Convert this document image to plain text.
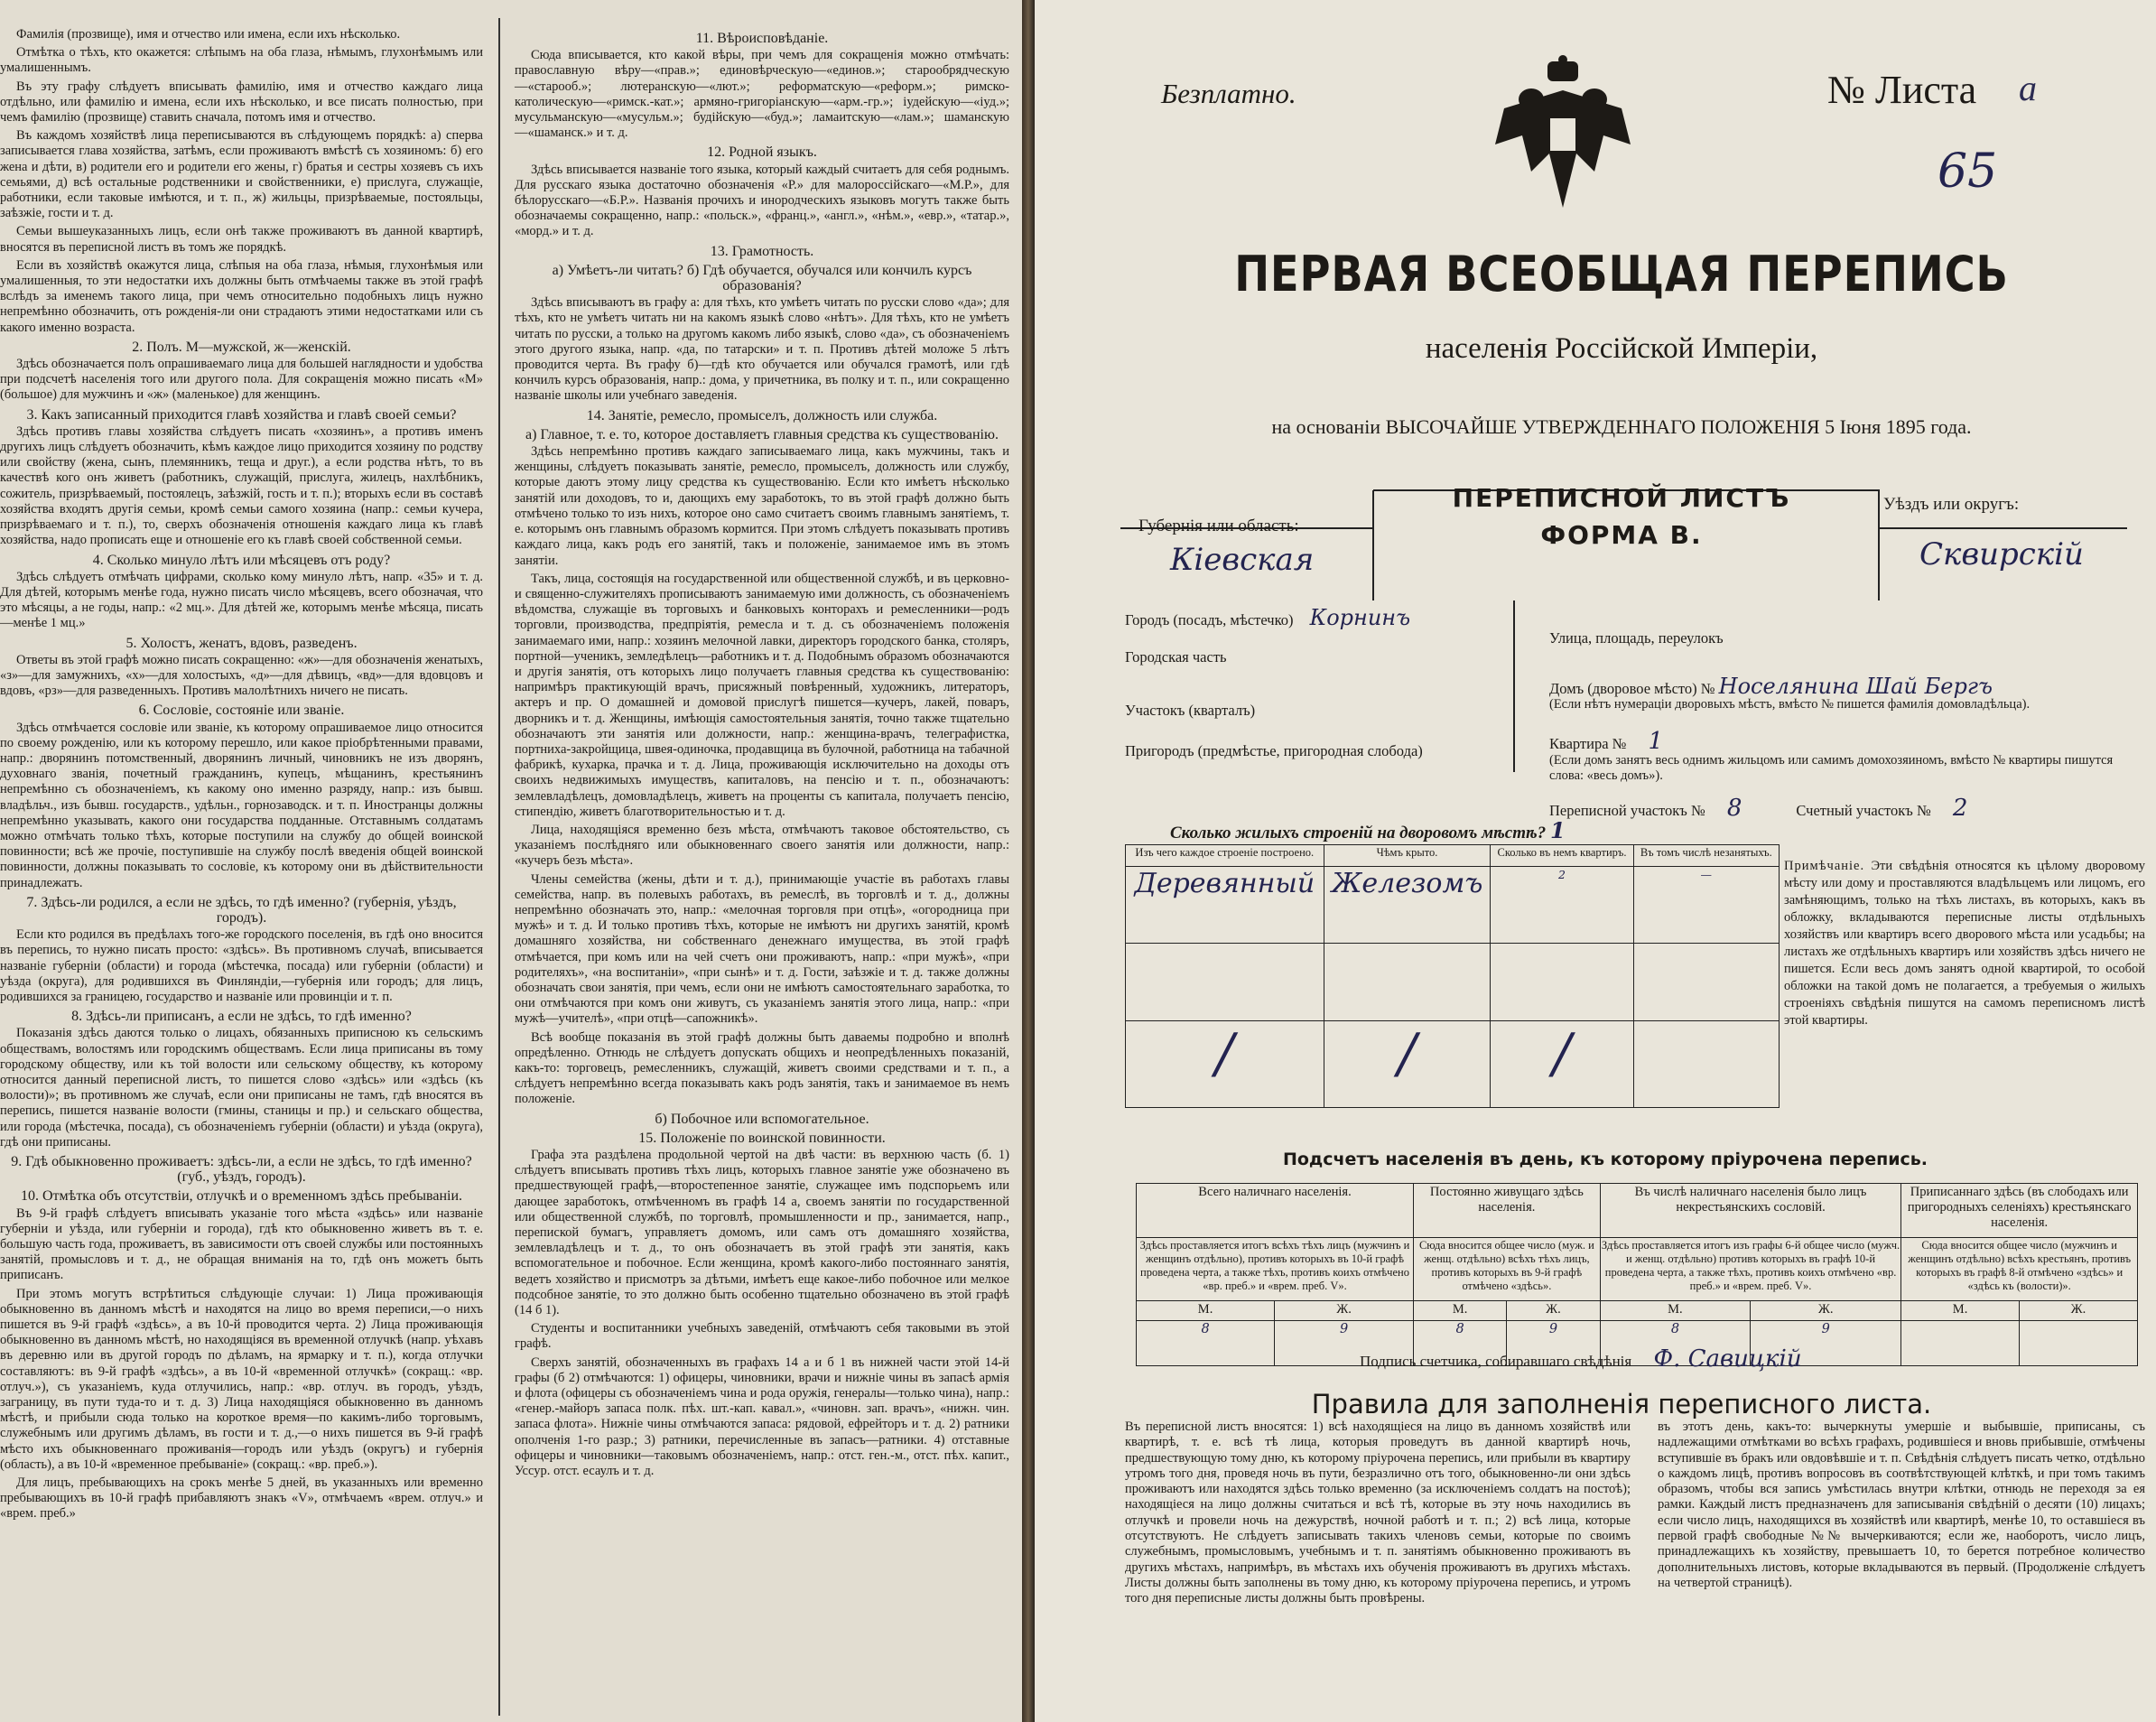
Фамилія (прозвище), имя и отчество или имена, если ихъ нѣсколько.
Отмѣтка о тѣхъ, кто окажется: слѣпымъ на оба глаза, нѣмымъ, глухонѣмымъ или умалишеннымъ.
Въ эту графу слѣдуетъ вписывать фамилію, имя и отчество каждаго лица отдѣльно, или фамилію и имена, если ихъ нѣсколько, и все писать полностью, при чемъ фамилію (прозвище) ставить сначала, потомъ имя и отчество.
Въ каждомъ хозяйствѣ лица переписываются въ слѣдующемъ порядкѣ: а) сперва записывается глава хозяйства, затѣмъ, если проживаютъ вмѣстѣ съ хозяиномъ: б) его жена и дѣти, в) родители его и родители его жены, г) братья и сестры хозяевъ съ ихъ семьями, д) всѣ остальные родственники и свойственники, е) прислуга, служащіе, работники, если таковые имѣются, и т. п., ж) жильцы, призрѣваемые, постояльцы, заѣзжіе, гости и т. д.
Семьи вышеуказанныхъ лицъ, если онѣ также проживаютъ въ данной квартирѣ, вносятся въ переписной листъ въ томъ же порядкѣ.
Если въ хозяйствѣ окажутся лица, слѣпыя на оба глаза, нѣмыя, глухонѣмыя или умалишенныя, то эти недостатки ихъ должны быть отмѣчаемы также въ этой графѣ вслѣдъ за именемъ такого лица, при чемъ относительно подобныхъ лицъ нужно непремѣнно обозначить, отъ рожденія-ли они страдаютъ этими недостатками или съ какого именно возраста.
2. Полъ. М—мужской, ж—женскій.
Здѣсь обозначается полъ опрашиваемаго лица для большей наглядности и удобства при подсчетѣ населенія того или другого пола. Для сокращенія можно писать «М» (большое) для мужчинъ и «ж» (маленькое) для женщинъ.
3. Какъ записанный приходится главѣ хозяйства и главѣ своей семьи?
Здѣсь противъ главы хозяйства слѣдуетъ писать «хозяинъ», а противъ именъ другихъ лицъ слѣдуетъ обозначить, кѣмъ каждое лицо приходится хозяину по родству или свойству (жена, сынъ, племянникъ, теща и друг.), а если родства нѣтъ, то въ качествѣ кого онъ живетъ (работникъ, служащій, прислуга, жилецъ, нахлѣбникъ, сожитель, призрѣваемый, постоялецъ, заѣзжій, гость и т. п.); вторыхъ если въ составѣ хозяйства входятъ другія семьи, кромѣ семьи самого хозяина (напр.: семьи кучера, призрѣваемаго и т. п.), то, сверхъ обозначенія отношенія каждаго лица къ главѣ хозяйства, надо прописать еще и отношеніе его къ главѣ своей собственной семьи.
4. Сколько минуло лѣтъ или мѣсяцевъ отъ роду?
Здѣсь слѣдуетъ отмѣчать цифрами, сколько кому минуло лѣтъ, напр. «35» и т. д. Для дѣтей, которымъ менѣе года, нужно писать число мѣсяцевъ, всего обозначая, что это мѣсяцы, а не годы, напр.: «2 мц.». Для дѣтей же, которымъ менѣе мѣсяца, писать—менѣе 1 мц.»
5. Холостъ, женатъ, вдовъ, разведенъ.
Ответы въ этой графѣ можно писать сокращенно: «ж»—для обозначенія женатыхъ, «з»—для замужнихъ, «х»—для холостыхъ, «д»—для дѣвицъ, «вд»—для вдовцовъ и вдовъ, «рз»—для разведенныхъ. Противъ малолѣтнихъ ничего не писать.
6. Сословіе, состояніе или званіе.
Здѣсь отмѣчается сословіе или званіе, къ которому опрашиваемое лицо относится по своему рожденію, или къ которому перешло, или какое пріобрѣтенными правами, напр.: дворянинъ потомственный, дворянинъ личный, чиновникъ не изъ дворянъ, духовнаго званія, почетный гражданинъ, купецъ, мѣщанинъ, крестьянинъ непремѣнно съ обозначеніемъ, къ какому оно именно разряду, напр.: изъ бывш. владѣльч., изъ бывш. государств., удѣльн., горнозаводск. и т. п. Иностранцы должны непремѣнно указывать, какого они государства подданные. Отставнымъ солдатамъ можно отмѣчать только тѣхъ, которые поступили на службу до общей воинской повинности; всѣ же прочіе, поступившіе на службу послѣ введенія общей воинской повинности, должны показывать то сословіе, къ которому они въ дѣйствительности принадлежатъ.
7. Здѣсь-ли родился, а если не здѣсь, то гдѣ именно? (губернія, уѣздъ, городъ).
Если кто родился въ предѣлахъ того-же городского поселенія, въ гдѣ оно вносится въ перепись, то нужно писать просто: «здѣсь». Въ противномъ случаѣ, вписывается названіе губерніи (области) и города (мѣстечка, посада) или губерніи (области) и уѣзда (округа), для родившихся въ Финляндіи,—губернія или городъ; для лицъ, родившихся за границею, государство и названіе или провинціи и т. п.
8. Здѣсь-ли приписанъ, а если не здѣсь, то гдѣ именно?
Показанія здѣсь даются только о лицахъ, обязанныхъ приписною къ сельскимъ обществамъ, волостямъ или городскимъ обществамъ. Если лица приписаны въ тому городскому обществу, или къ той волости или сельскому обществу, къ которому относится данный переписной листъ, то пишется слово «здѣсь» или «здѣсь (къ волости)»; въ противномъ же случаѣ, если они приписаны не тамъ, гдѣ вносятся въ перепись, пишется названіе волости (гмины, станицы и пр.) и сельскаго общества, или города (мѣстечка, посада), съ обозначеніемъ губерніи (области) и уѣзда (округа), гдѣ они приписаны.
9. Гдѣ обыкновенно проживаетъ: здѣсь-ли, а если не здѣсь, то гдѣ именно? (губ., уѣздъ, городъ).
10. Отмѣтка объ отсутствіи, отлучкѣ и о временномъ здѣсь пребываніи.
Въ 9-й графѣ слѣдуетъ вписывать указаніе того мѣста «здѣсь» или названіе губерніи и уѣзда, или губерніи и города), гдѣ кто обыкновенно живетъ въ т. е. большую часть года, проживаетъ, въ зависимости отъ своей службы или постоянныхъ занятій, промысловъ и т. д., не обращая вниманія на то, гдѣ онъ можетъ быть приписанъ.
При этомъ могутъ встрѣтиться слѣдующіе случаи: 1) Лица проживающія обыкновенно въ данномъ мѣстѣ и находятся на лицо во время переписи,—о нихъ пишется въ 9-й графѣ «здѣсь», а въ 10-й проводится черта. 2) Лица проживающія обыкновенно въ данномъ мѣстѣ, но находящіяся въ временной отлучкѣ (напр. уѣхавъ въ деревню или въ другой городъ по дѣламъ, на ярмарку и т. п.), когда отлучки составляютъ: въ 9-й графѣ «здѣсь», а въ 10-й «временной отлучкѣ» (сокращ.: «вр. отлуч.»), съ указаніемъ, куда отлучились, напр.: «вр. отлуч. въ городъ, уѣздъ, заграницу, въ пути туда-то и т. д. 3) Лица находящіяся обыкновенно въ данномъ мѣстѣ, и прибыли сюда только на короткое время—по какимъ-либо торговымъ, служебнымъ или другимъ дѣламъ, въ гости и т. д.,—о нихъ пишется въ 9-й графѣ мѣсто ихъ обыкновеннаго проживанія—городъ или уѣздъ (округъ) и губернія (область), а въ 10-й «временное пребываніе» (сокращ.: «вр. преб.»).
Для лицъ, пребывающихъ на срокъ менѣе 5 дней, въ указанныхъ или временно пребывающихъ въ 10-й графѣ прибавляютъ знакъ «V», отмѣчаемъ «врем. отлуч.» и «врем. преб.»
11. Вѣроисповѣданіе.
Сюда вписывается, кто какой вѣры, при чемъ для сокращенія можно отмѣчать: православную вѣру—«прав.»; единовѣрческую—«единов.»; старообрядческую—«старооб.»; лютеранскую—«лют.»; реформатскую—«реформ.»; римско-католическую—«римск.-кат.»; армяно-григоріанскую—«арм.-гр.»; іудейскую—«іуд.»; мусульманскую—«мусульм.»; будійскую—«буд.»; ламаитскую—«лам.»; шаманскую—«шаманск.» и т. д.
12. Родной языкъ.
Здѣсь вписывается названіе того языка, который каждый считаетъ для себя роднымъ. Для русскаго языка достаточно обозначенія «Р.» для малороссійскаго—«М.Р.», для бѣлорусскаго—«Б.Р.». Названія прочихъ и инородческихъ языковъ могутъ также быть обозначаемы сокращенно, напр.: «польск.», «франц.», «англ.», «нѣм.», «евр.», «татар.», «морд.» и т. д.
13. Грамотность.
а) Умѣетъ-ли читать? б) Гдѣ обучается, обучался или кончилъ курсъ образованія?
Здѣсь вписываютъ въ графу а: для тѣхъ, кто умѣетъ читать по русски слово «да»; для тѣхъ, кто не умѣетъ читать ни на какомъ языкѣ слово «нѣтъ». Для тѣхъ, кто не умѣетъ читать по русски, а только на другомъ какомъ либо языкѣ, слово «да», съ обозначеніемъ этого другого языка, напр. «да, по татарски» и т. п. Противъ дѣтей моложе 5 лѣтъ проводится черта. Въ графу б)—гдѣ кто обучается или обучался грамотѣ, или гдѣ кончилъ курсъ образованія, напр.: дома, у причетника, въ полку и т. п., или сокращенно названіе школы или учебнаго заведенія.
14. Занятіе, ремесло, промыселъ, должность или служба.
а) Главное, т. е. то, которое доставляетъ главныя средства къ существованію.
Здѣсь непремѣнно противъ каждаго записываемаго лица, какъ мужчины, такъ и женщины, слѣдуетъ показывать занятіе, ремесло, промыселъ, должность или службу, которые даютъ этому лицу средства къ существованію. Если кто имѣетъ нѣсколько занятій или доходовъ, то и, дающихъ ему заработокъ, то въ этой графѣ должно быть отмѣчено только то изъ нихъ, которое оно само считаетъ своимъ главнымъ занятіемъ, т. е. которымъ онъ главнымъ образомъ кормится. При этомъ слѣдуетъ показывать противъ каждаго лица, какъ родъ его занятій, такъ и положеніе, занимаемое имъ въ этомъ занятіи.
Такъ, лица, состоящія на государственной или общественной службѣ, и въ церковно-и священно-служителяхъ прописываютъ занимаемую ими должность, съ обозначеніемъ вѣдомства, служащіе въ торговыхъ и банковыхъ конторахъ и ремесленники—родъ торговли, производства, предпріятія, ремесла и т. д. съ обозначеніемъ положенія занимаемаго ими, напр.: хозяинъ мелочной лавки, директоръ городского банка, столяръ, портной—ученикъ, земледѣлецъ—работникъ и т. д. Подобнымъ образомъ обозначаются и другія занятія, отъ которыхъ лицо получаетъ главныя средства къ существованію: напримѣръ практикующій врачъ, присяжный повѣренный, художникъ, литераторъ, актеръ и пр. О домашней и домовой прислугѣ пишется—кучеръ, лакей, поваръ, дворникъ и т. д. Женщины, имѣющія самостоятельныя занятія, точно также тщательно обозначаютъ эти занятія или должности, напр.: женщина-врачъ, телеграфистка, портниха-закройщица, швея-одиночка, продавщица въ булочной, работница на табачной фабрикѣ, кухарка, прачка и т. д. Лица, проживающія исключительно на доходы отъ своихъ недвижимыхъ имуществъ, капиталовъ, на пенсію и т. п., обозначаютъ: землевладѣлецъ, домовладѣлецъ, живетъ на проценты съ капитала, получаетъ пенсію, стипендію, живетъ благотворительностью и т. д.
Лица, находящіяся временно безъ мѣста, отмѣчаютъ таковое обстоятельство, съ указаніемъ послѣдняго или обыкновеннаго своего занятія или должности, напр.: «кучеръ безъ мѣста».
Члены семейства (жены, дѣти и т. д.), принимающіе участіе въ работахъ главы семейства, напр. въ полевыхъ работахъ, въ ремеслѣ, въ торговлѣ и т. д., должны непремѣнно обозначать это, напр.: «мелочная торговля при отцѣ», «огородница при мужѣ» и т. д. И только противъ тѣхъ, которые не имѣютъ ни другихъ занятій, кромѣ домашняго хозяйства, ни собственнаго денежнаго имущества, въ этой графѣ отмѣчается, при комъ или на чей счетъ они проживаютъ, напр.: «при мужѣ», «при родителяхъ», «на воспитаніи», «при сынѣ» и т. д. Гости, заѣзжіе и т. д. также должны обозначать свои занятія, при чемъ, если они не имѣютъ самостоятельнаго заработка, то они отмѣчаются при комъ они живутъ, съ указаніемъ занятія этого лица, напр.: «при мужѣ—учителѣ», «при отцѣ—сапожникѣ».
Всѣ вообще показанія въ этой графѣ должны быть даваемы подробно и вполнѣ опредѣленно. Отнюдь не слѣдуетъ допускать общихъ и неопредѣленныхъ показаній, какъ-то: торговецъ, ремесленникъ, служащій, живетъ своими средствами и т. п., а слѣдуетъ непремѣнно всегда показывать какъ родъ занятія, такъ и занимаемое въ немъ положеніе.
б) Побочное или вспомогательное.
15. Положеніе по воинской повинности.
Графа эта раздѣлена продольной чертой на двѣ части: въ верхнюю часть (б. 1) слѣдуетъ вписывать противъ тѣхъ лицъ, которыхъ главное занятіе уже обозначено въ предшествующей графѣ,—второстепенное занятіе, служащее имъ подспорьемъ или дающее заработокъ, отмѣченномъ въ графѣ 14 а, своемъ занятіи по государственной или общественной службѣ, по торговлѣ, промышленности и пр., занимается, напр., перепиской бумагъ, управляетъ домомъ, или самъ отъ домашняго хозяйства, землевладѣлецъ и т. д., то онъ обозначаетъ въ этой графѣ эти занятія, какъ вспомогательное и побочное. Если женщина, кромѣ какого-либо постояннаго занятія, ведетъ хозяйство и присмотръ за дѣтьми, имѣетъ еще какое-либо побочное или мелкое подсобное занятіе, то это должно быть особенно тщательно обозначено въ этой графѣ (14 б 1).
Студенты и воспитанники учебныхъ заведеній, отмѣчаютъ себя таковыми въ этой графѣ.
Сверхъ занятій, обозначенныхъ въ графахъ 14 а и б 1 въ нижней части этой 14-й графы (б 2) отмѣчаются: 1) офицеры, чиновники, врачи и нижніе чины въ запасѣ армія и флота (офицеры съ обозначеніемъ чина и рода оружія, генералы—только чина), напр.: «генер.-майоръ запаса полк. пѣх. шт.-кап. кавал.», «чиновн. зап. врачъ», «нижн. чин. запаса флота». Нижніе чины отмѣчаются запаса: рядовой, ефрейторъ и т. д. 2) ратники ополченія 1-го разр.; 3) ратники, перечисленные въ запасъ—ратники. 4) отставные офицеры и чиновники—таковымъ обозначеніемъ, напр.: отст. ген.-м., отст. пѣх. капит., Уссур. отст. есаулъ и т. д.
Безплатно.	№ Листа а
65
ПЕРВАЯ ВСЕОБЩАЯ ПЕРЕПИСЬ
населенія Россійской Имперіи,
на основаніи ВЫСОЧАЙШЕ УТВЕРЖДЕННАГО ПОЛОЖЕНІЯ 5 Іюня 1895 года.
Губернія или область:
Кіевская
ПЕРЕПИСНОЙ ЛИСТЪ
ФОРМА В.
Уѣздъ или округъ:
Сквирскій
Городъ (посадъ, мѣстечко) Корнинъ
Городская часть
Участокъ (кварталъ)
Пригородъ (предмѣстье, пригородная слобода)
Улица, площадь, переулокъ
Домъ (дворовое мѣсто) № Носелянина Шай Бергъ
(Если нѣтъ нумераціи дворовыхъ мѣстъ, вмѣсто № пишется фамилія домовладѣльца).
Квартира № 1
(Если домъ занятъ весь однимъ жильцомъ или самимъ домохозяиномъ, вмѣсто № квартиры пишутся слова: «весь домъ»).
Переписной участокъ № 8	Счетный участокъ № 2
Сколько жилыхъ строеній на дворовомъ мѣстѣ? 1
Изъ чего каждое строеніе построено.	Чѣмъ крыто.	Сколько въ немъ квартиръ.	Въ томъ числѣ незанятыхъ.
Деревянный	Железомъ	2	—

/	/	/	
Примѣчаніе. Эти свѣдѣнія относятся къ цѣлому дворовому мѣсту или дому и проставляются владѣльцемъ или лицомъ, его замѣняющимъ, только на тѣхъ листахъ, въ которыхъ, какъ въ обложку, вкладываются переписные листы отдѣльныхъ хозяйствъ или квартиръ всего дворового мѣста или усадьбы; на листахъ же отдѣльныхъ квартиръ или хозяйствъ здѣсь ничего не пишется. Если весь домъ занятъ одной квартирой, то особой обложки на такой домъ не полагается, а требуемыя о жилыхъ строеніяхъ свѣдѣнія пишутся на самомъ переписномъ листѣ этой квартиры.
Подсчетъ населенія въ день, къ которому пріурочена перепись.
Всего наличнаго населенія.		Постоянно живущаго здѣсь населенія.		Въ числѣ наличнаго населенія было лицъ некрестьянскихъ сословій.		Приписаннаго здѣсь (въ слободахъ или пригородныхъ селеніяхъ) крестьянскаго населенія.	
Здѣсь проставляется итогъ всѣхъ тѣхъ лицъ (мужчинъ и женщинъ отдѣльно), противъ которыхъ въ 10-й графѣ проведена черта, а также тѣхъ, противъ коихъ отмѣчено «вр. преб.» и «врем. преб. V».		Сюда вносится общее число (муж. и женщ. отдѣльно) всѣхъ тѣхъ лицъ, противъ которыхъ въ 9-й графѣ отмѣчено «здѣсь».		Здѣсь проставляется итогъ изъ графы 6-й общее число (мужч. и женщ. отдѣльно) противъ которыхъ въ графѣ 10-й проведена черта, а также тѣхъ, противъ коихъ отмѣчено «вр. преб.» и «врем. преб. V».		Сюда вносится общее число (мужчинъ и женщинъ отдѣльно) всѣхъ крестьянъ, противъ которыхъ въ графѣ 8-й отмѣчено «здѣсь» и «здѣсь къ (волости)».	
М.	Ж.	М.	Ж.	М.	Ж.	М.	Ж.
8	9	8	9	8	9		
Подпись счетчика, собиравшаго свѣдѣнія Ф. Савицкій
Правила для заполненія переписного листа.
Въ переписной листъ вносятся: 1) всѣ находящіеся на лицо въ данномъ хозяйствѣ или квартирѣ, т. е. всѣ тѣ лица, которыя проведутъ въ данной квартирѣ ночь, предшествующую тому дню, къ которому пріурочена перепись, или прибыли въ квартиру утромъ того дня, проведя ночь въ пути, безразлично отъ того, обыкновенно-ли они здѣсь проживаютъ или находятся здѣсь только временно (за исключеніемъ солдатъ на постоѣ); находящіеся на лицо должны считаться и всѣ тѣ, которые въ эту ночь находились въ отлучкѣ и провели ночь на дежурствѣ, ночной работѣ и т. п.; 2) всѣ лица, которые отсутствуютъ. Не слѣдуетъ записывать такихъ членовъ семьи, которые по своимъ служебнымъ, промысловымъ, учебнымъ и т. п. занятіямъ обыкновенно проживаютъ въ другихъ мѣстахъ, напримѣръ, въ мѣстахъ ихъ обученія проживаютъ въ другихъ мѣстахъ. Листы должны быть заполнены въ тому дню, къ которому пріурочена перепись, и утромъ того дня переписные листы должны быть провѣрены.
въ этотъ день, какъ-то: вычеркнуты умершіе и выбывшіе, приписаны, съ надлежащими отмѣтками во всѣхъ графахъ, родившіеся и вновь прибывшіе, отмѣчены вступившіе въ бракъ или овдовѣвшіе и т. п. Свѣдѣнія слѣдуетъ писать четко, отдѣльно о каждомъ лицѣ, противъ вопросовъ въ соотвѣтствующей клѣткѣ, и при томъ такимъ образомъ, чтобы вся запись умѣстилась внутри клѣтки, отнюдь не переходя за ея рамки. Каждый листъ предназначенъ для записыванія свѣдѣній о десяти (10) лицахъ; если число лицъ, находящихся въ хозяйствѣ или квартирѣ, менѣе 10, то оставшіеся въ первой графѣ свободные №№ вычеркиваются; если же, наоборотъ, число лицъ, принадлежащихъ къ хозяйству, превышаетъ 10, то берется потребное количество дополнительныхъ листовъ, которые вкладываются въ первый. (Продолженіе слѣдуетъ на четвертой страницѣ).
